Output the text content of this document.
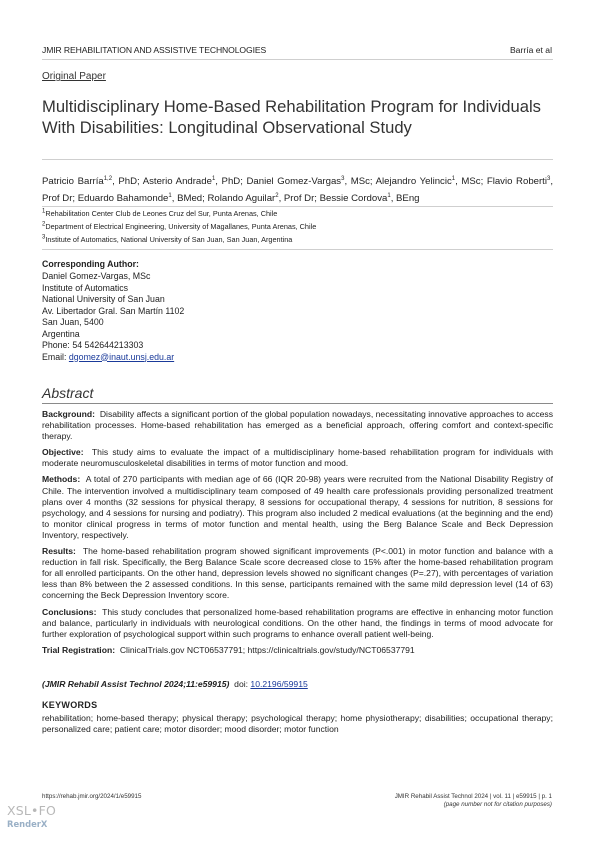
JMIR REHABILITATION AND ASSISTIVE TECHNOLOGIES	Barría et al
Original Paper
Multidisciplinary Home-Based Rehabilitation Program for Individuals With Disabilities: Longitudinal Observational Study
Patricio Barría$^{1,2}$, PhD; Asterio Andrade$^1$, PhD; Daniel Gomez-Vargas$^3$, MSc; Alejandro Yelincic$^1$, MSc; Flavio Roberti$^3$, Prof Dr; Eduardo Bahamonde$^1$, BMed; Rolando Aguilar$^2$, Prof Dr; Bessie Cordova$^1$, BEng
$^1$Rehabilitation Center Club de Leones Cruz del Sur, Punta Arenas, Chile
$^2$Department of Electrical Engineering, University of Magallanes, Punta Arenas, Chile
$^3$Institute of Automatics, National University of San Juan, San Juan, Argentina
Corresponding Author:
Daniel Gomez-Vargas, MSc
Institute of Automatics
National University of San Juan
Av. Libertador Gral. San Martín 1102
San Juan, 5400
Argentina
Phone: 54 542644213303
Email: dgomez@inaut.unsj.edu.ar
Abstract

Background: Disability affects a significant portion of the global population nowadays, necessitating innovative approaches to access rehabilitation processes. Home-based rehabilitation has emerged as a beneficial approach, offering comfort and context-specific therapy.

Objective: This study aims to evaluate the impact of a multidisciplinary home-based rehabilitation program for individuals with moderate neuromusculoskeletal disabilities in terms of motor function and mood.

Methods: A total of 270 participants with median age of 66 (IQR 20-98) years were recruited from the National Disability Registry of Chile. The intervention involved a multidisciplinary team composed of 49 health care professionals providing personalized treatment plans over 4 months (32 sessions for physical therapy, 8 sessions for occupational therapy, 4 sessions for nutrition, 8 sessions for psychology, and 4 sessions for nursing and podiatry). This program also included 2 medical evaluations (at the beginning and the end) to monitor clinical progress in terms of motor function and mental health, using the Berg Balance Scale and Beck Depression Inventory, respectively.

Results: The home-based rehabilitation program showed significant improvements (P<.001) in motor function and balance with a reduction in fall risk. Specifically, the Berg Balance Scale score decreased close to 15% after the home-based rehabilitation program for all enrolled participants. On the other hand, depression levels showed no significant changes (P=.27), with percentages of variation less than 8% between the 2 assessed conditions. In this sense, participants remained with the same mild depression level (14 of 63) concerning the Beck Depression Inventory score.

Conclusions: This study concludes that personalized home-based rehabilitation programs are effective in enhancing motor function and balance, particularly in individuals with neurological conditions. On the other hand, the findings in terms of mood advocate for further exploration of psychological support within such programs to enhance overall patient well-being.

Trial Registration: ClinicalTrials.gov NCT06537791; https://clinicaltrials.gov/study/NCT06537791

(JMIR Rehabil Assist Technol 2024;11:e59915) doi: 10.2196/59915
KEYWORDS
rehabilitation; home-based therapy; physical therapy; psychological therapy; home physiotherapy; disabilities; occupational therapy; personalized care; patient care; motor disorder; mood disorder; motor function
https://rehab.jmir.org/2024/1/e59915	JMIR Rehabil Assist Technol 2024 | vol. 11 | e59915 | p. 1
(page number not for citation purposes)
XSL•FO
RenderX
